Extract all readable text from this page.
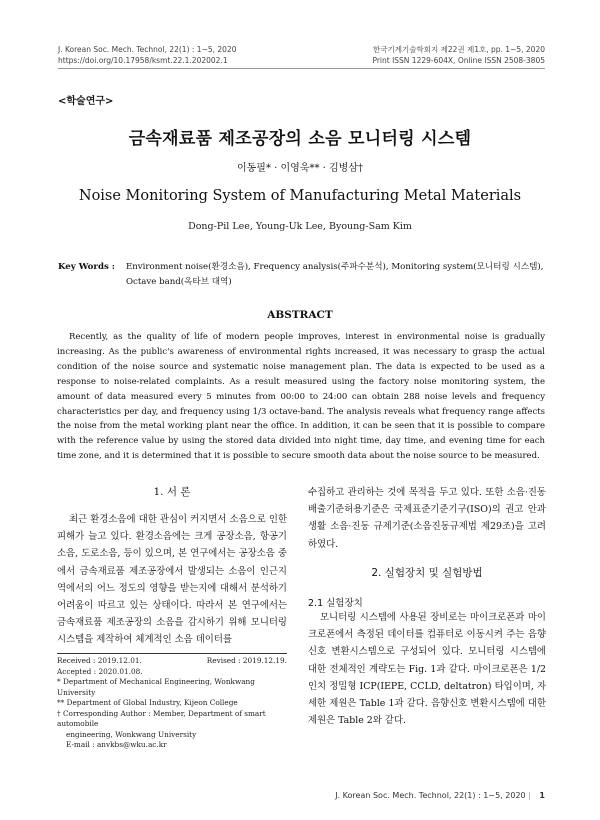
J. Korean Soc. Mech. Technol, 22(1) : 1~5, 2020
https://doi.org/10.17958/ksmt.22.1.202002.1
한국기계기술학회지 제22권 제1호, pp. 1~5, 2020
Print ISSN 1229-604X, Online ISSN 2508-3805
<학술연구>
금속재료품 제조공장의 소음 모니터링 시스템
이동필* · 이영욱** · 김병삼†
Noise Monitoring System of Manufacturing Metal Materials
Dong-Pil Lee, Young-Uk Lee, Byoung-Sam Kim
Key Words : Environment noise(환경소음), Frequency analysis(주파수분석), Monitoring system(모니터링 시스템),
Octave band(옥타브 대역)
ABSTRACT
Recently, as the quality of life of modern people improves, interest in environmental noise is gradually increasing. As the public's awareness of environmental rights increased, it was necessary to grasp the actual condition of the noise source and systematic noise management plan. The data is expected to be used as a response to noise-related complaints. As a result measured using the factory noise monitoring system, the amount of data measured every 5 minutes from 00:00 to 24:00 can obtain 288 noise levels and frequency characteristics per day, and frequency using 1/3 octave-band. The analysis reveals what frequency range affects the noise from the metal working plant near the office. In addition, it can be seen that it is possible to compare with the reference value by using the stored data divided into night time, day time, and evening time for each time zone, and it is determined that it is possible to secure smooth data about the noise source to be measured.
1. 서 론
최근 환경소음에 대한 관심이 커지면서 소음으로 인한 피해가 늘고 있다. 환경소음에는 크게 공장소음, 항공기소음, 도로소음, 등이 있으며, 본 연구에서는 공장소음 중에서 금속재료품 제조공장에서 발생되는 소음이 인근지역에서의 어느 정도의 영향을 받는지에 대해서 분석하기 어려움이 따르고 있는 상태이다. 따라서 본 연구에서는 금속재료품 제조공장의 소음을 감시하기 위해 모니터링 시스템을 제작하여 체계적인 소음 데이터를
Received : 2019.12.01.	Revised : 2019.12.19.
Accepted : 2020.01.08.
* Department of Mechanical Engineering, Wonkwang University
** Department of Global Industry, Kijeon College
† Corresponding Author : Member, Department of smart automobile
engineering, Wonkwang University
E-mail : anvkbs@wku.ac.kr
수집하고 관리하는 것에 목적을 두고 있다. 또한 소음·진동 배출기준허용기준은 국제표준기준기구(ISO)의 권고 안과 생활 소음·진동 규제기준(소음진동규제법 제29조)을 고려하였다.
2. 실험장치 및 실험방법
2.1 실험장치
모니터링 시스템에 사용된 장비로는 마이크로폰과 마이크로폰에서 측정된 데이터를 컴퓨터로 이동시켜 주는 음향신호 변환시스템으로 구성되어 있다. 모니터링 시스템에 대한 전체적인 계략도는 Fig. 1과 같다. 마이크로폰은 1/2인치 정밀형 ICP(IEPE, CCLD, deltatron) 타입이며, 자세한 제원은 Table 1과 같다. 음향신호 변환시스템에 대한 제원은 Table 2와 같다.
J. Korean Soc. Mech. Technol, 22(1) : 1~5, 2020 | 1
